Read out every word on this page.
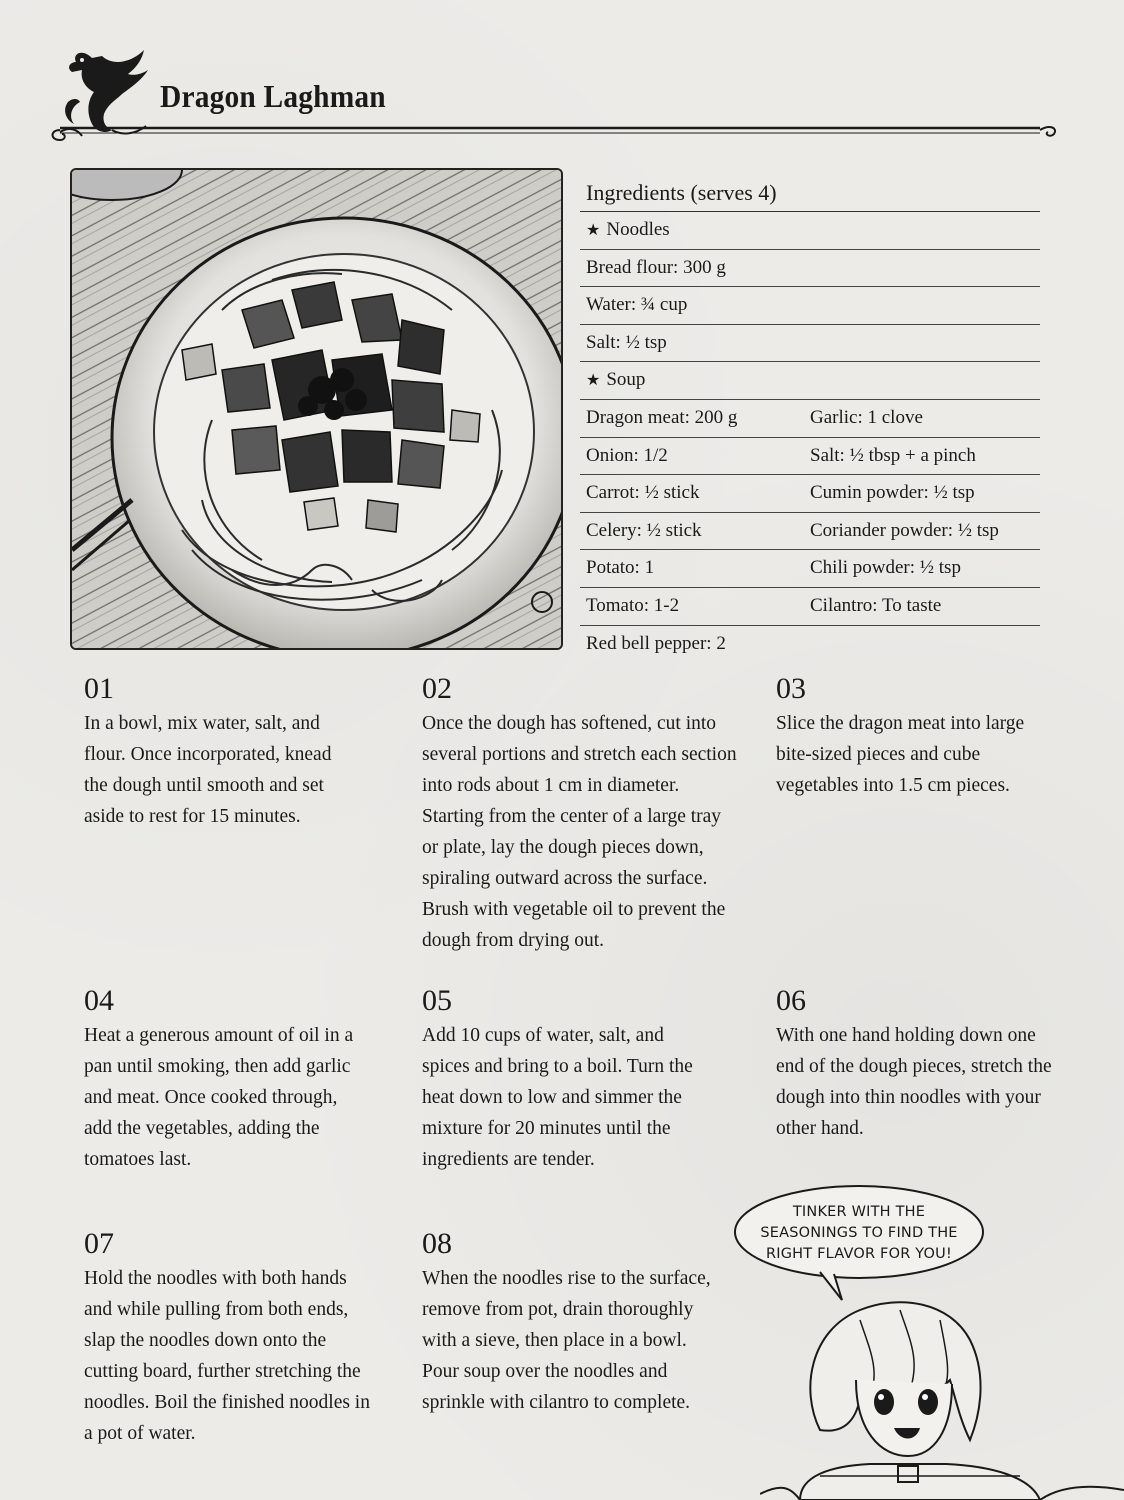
Dragon Laghman
Ingredients (serves 4)
★ Noodles
Bread flour: 300 g
Water: ¾ cup
Salt: ½ tsp
★ Soup
Dragon meat: 200 g	Garlic: 1 clove
Onion: 1/2	Salt: ½ tbsp + a pinch
Carrot: ½ stick	Cumin powder: ½ tsp
Celery: ½ stick	Coriander powder: ½ tsp
Potato: 1	Chili powder: ½ tsp
Tomato: 1-2	Cilantro: To taste
Red bell pepper: 2

01

In a bowl, mix water, salt, and flour. Once incorporated, knead the dough until smooth and set aside to rest for 15 minutes.

02

Once the dough has softened, cut into several portions and stretch each section into rods about 1 cm in diameter. Starting from the center of a large tray or plate, lay the dough pieces down, spiraling outward across the surface. Brush with vegetable oil to prevent the dough from drying out.

03

Slice the dragon meat into large bite-sized pieces and cube vegetables into 1.5 cm pieces.

04

Heat a generous amount of oil in a pan until smoking, then add garlic and meat. Once cooked through, add the vegetables, adding the tomatoes last.

05

Add 10 cups of water, salt, and spices and bring to a boil. Turn the heat down to low and simmer the mixture for 20 minutes until the ingredients are tender.

06

With one hand holding down one end of the dough pieces, stretch the dough into thin noodles with your other hand.

07

Hold the noodles with both hands and while pulling from both ends, slap the noodles down onto the cutting board, further stretching the noodles. Boil the finished noodles in a pot of water.

08

When the noodles rise to the surface, remove from pot, drain thoroughly with a sieve, then place in a bowl. Pour soup over the noodles and sprinkle with cilantro to complete.

TINKER WITH THE
SEASONINGS TO FIND THE
RIGHT FLAVOR FOR YOU!
